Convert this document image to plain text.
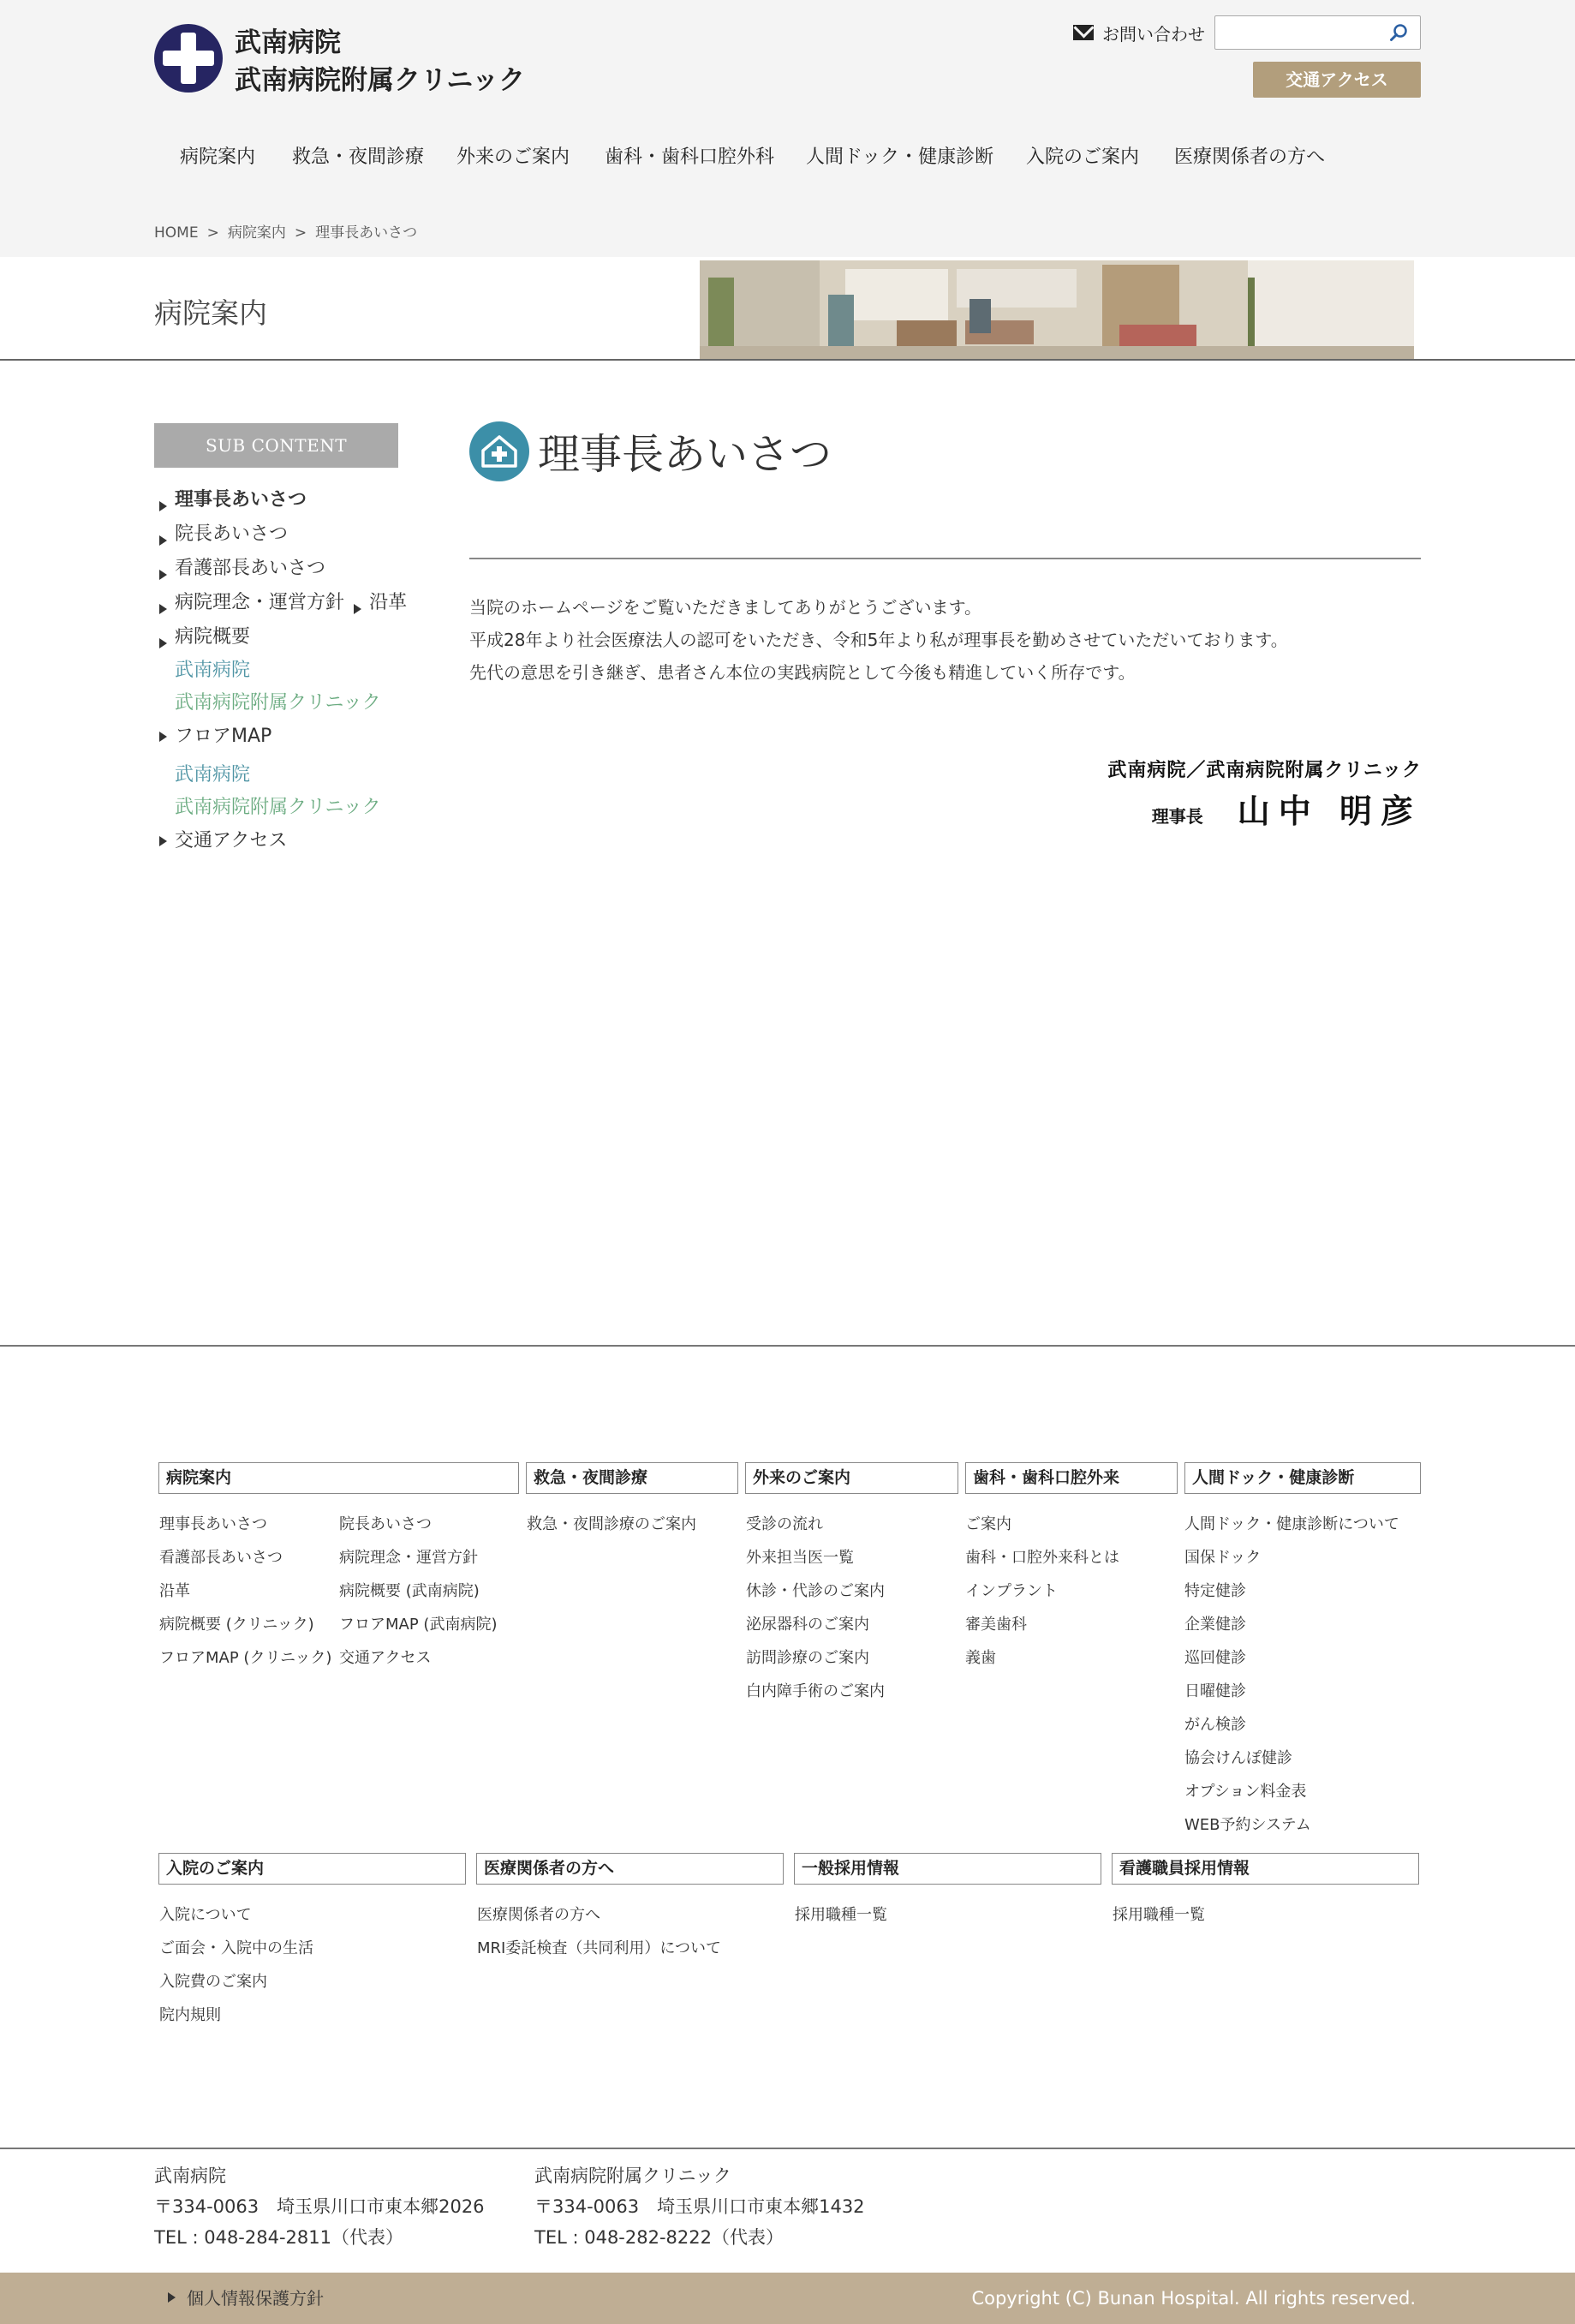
武南病院
武南病院附属クリニック
お問い合わせ
交通アクセス
病院案内	救急・夜間診療	外来のご案内	歯科・歯科口腔外科	人間ドック・健康診断	入院のご案内	医療関係者の方へ
HOME > 病院案内 > 理事長あいさつ
病院案内
SUB CONTENT
理事長あいさつ 院長あいさつ 看護部長あいさつ 病院理念・運営方針 沿革 病院概要
武南病院
武南病院附属クリニック
フロアMAP
武南病院
武南病院附属クリニック
交通アクセス
理事長あいさつ
当院のホームページをご覧いただきましてありがとうございます。
平成28年より社会医療法人の認可をいただき、令和5年より私が理事長を勤めさせていただいております。
先代の意思を引き継ぎ、患者さん本位の実践病院として今後も精進していく所存です。
武南病院／武南病院附属クリニック
理事長 山中 明彦
病院案内
理事長あいさつ
看護部長あいさつ
沿革
病院概要 (クリニック)
フロアMAP (クリニック)
院長あいさつ
病院理念・運営方針
病院概要 (武南病院)
フロアMAP (武南病院)
交通アクセス
救急・夜間診療
救急・夜間診療のご案内
外来のご案内
受診の流れ
外来担当医一覧
休診・代診のご案内
泌尿器科のご案内
訪問診療のご案内
白内障手術のご案内
歯科・歯科口腔外来
ご案内
歯科・口腔外来科とは
インプラント
審美歯科
義歯
人間ドック・健康診断
人間ドック・健康診断について
国保ドック
特定健診
企業健診
巡回健診
日曜健診
がん検診
協会けんぽ健診
オプション料金表
WEB予約システム
入院のご案内
入院について
ご面会・入院中の生活
入院費のご案内
院内規則
医療関係者の方へ
医療関係者の方へ
MRI委託検査（共同利用）について
一般採用情報
採用職種一覧
看護職員採用情報
採用職種一覧
武南病院
〒334-0063　埼玉県川口市東本郷2026
TEL : 048-284-2811（代表）
武南病院附属クリニック
〒334-0063　埼玉県川口市東本郷1432
TEL : 048-282-8222（代表）
個人情報保護方針	Copyright (C) Bunan Hospital. All rights reserved.
